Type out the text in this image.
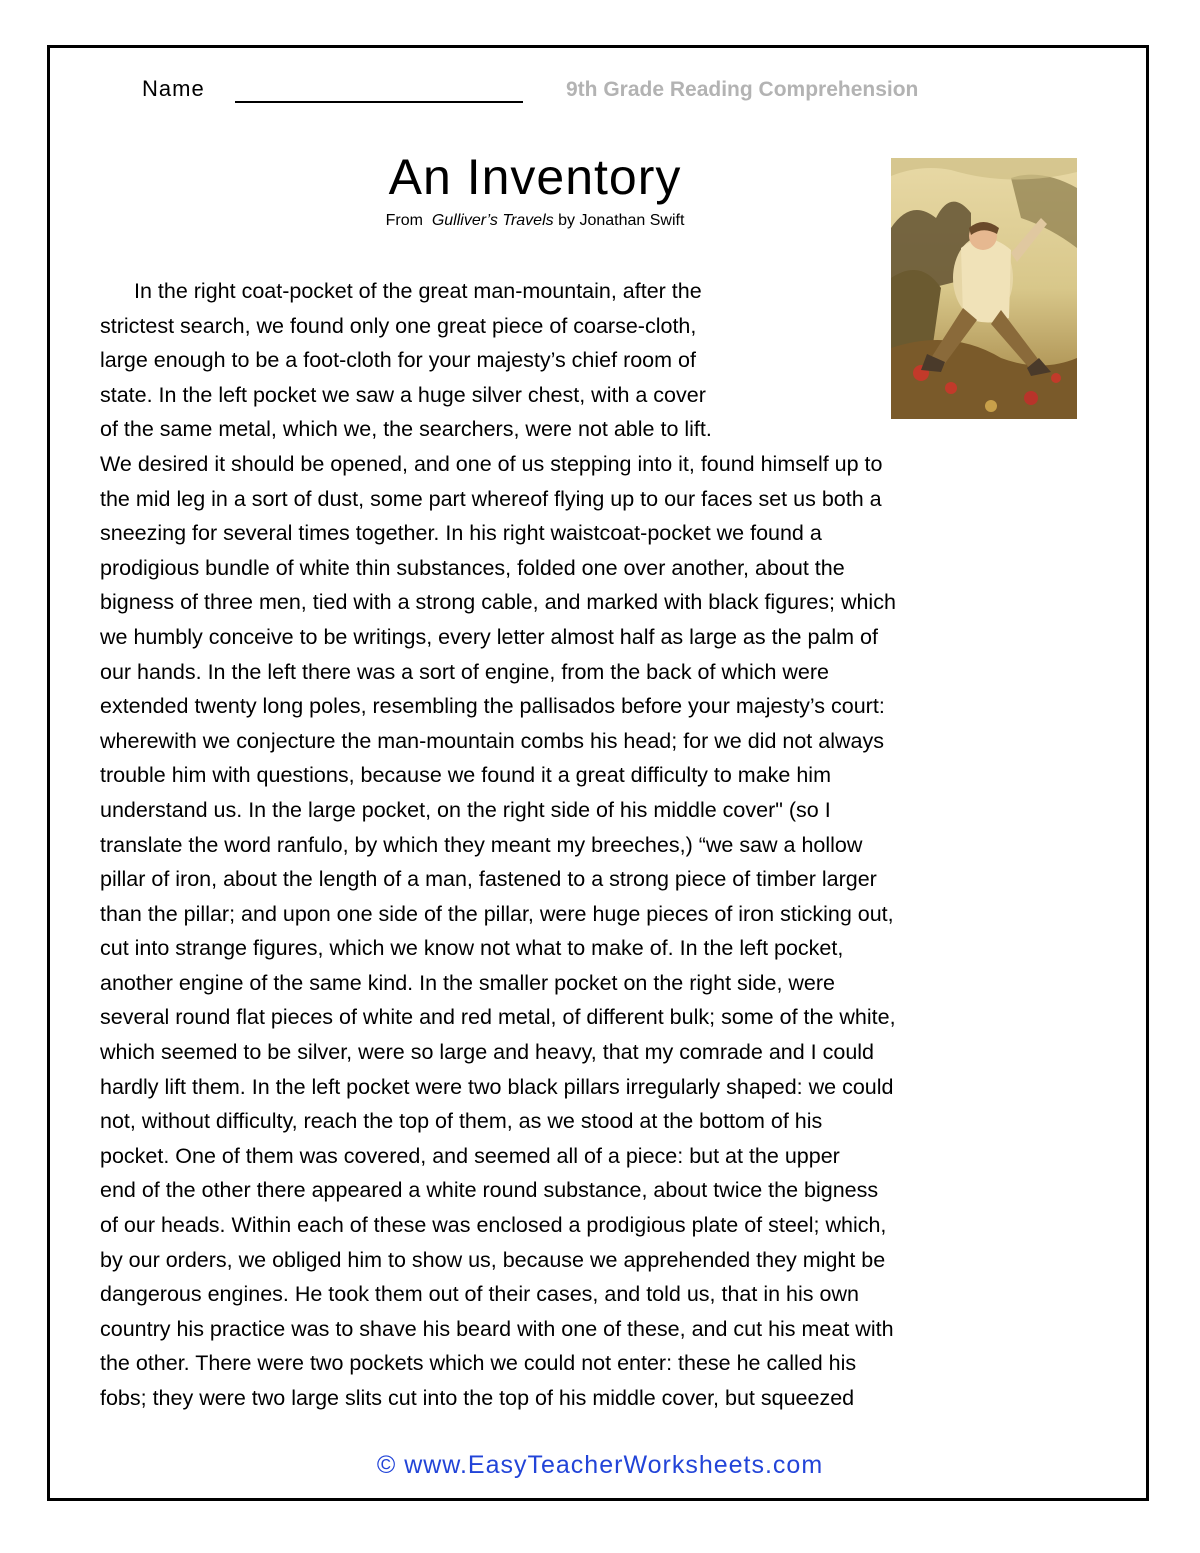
Name	9th Grade Reading Comprehension
An Inventory
From Gulliver’s Travels by Jonathan Swift
In the right coat-pocket of the great man-mountain, after the
strictest search, we found only one great piece of coarse-cloth,
large enough to be a foot-cloth for your majesty’s chief room of
state. In the left pocket we saw a huge silver chest, with a cover
of the same metal, which we, the searchers, were not able to lift.
We desired it should be opened, and one of us stepping into it, found himself up to
the mid leg in a sort of dust, some part whereof flying up to our faces set us both a
sneezing for several times together. In his right waistcoat-pocket we found a
prodigious bundle of white thin substances, folded one over another, about the
bigness of three men, tied with a strong cable, and marked with black figures; which
we humbly conceive to be writings, every letter almost half as large as the palm of
our hands. In the left there was a sort of engine, from the back of which were
extended twenty long poles, resembling the pallisados before your majesty’s court:
wherewith we conjecture the man-mountain combs his head; for we did not always
trouble him with questions, because we found it a great difficulty to make him
understand us. In the large pocket, on the right side of his middle cover" (so I
translate the word ranfulo, by which they meant my breeches,) “we saw a hollow
pillar of iron, about the length of a man, fastened to a strong piece of timber larger
than the pillar; and upon one side of the pillar, were huge pieces of iron sticking out,
cut into strange figures, which we know not what to make of. In the left pocket,
another engine of the same kind. In the smaller pocket on the right side, were
several round flat pieces of white and red metal, of different bulk; some of the white,
which seemed to be silver, were so large and heavy, that my comrade and I could
hardly lift them. In the left pocket were two black pillars irregularly shaped: we could
not, without difficulty, reach the top of them, as we stood at the bottom of his
pocket. One of them was covered, and seemed all of a piece: but at the upper
end of the other there appeared a white round substance, about twice the bigness
of our heads. Within each of these was enclosed a prodigious plate of steel; which,
by our orders, we obliged him to show us, because we apprehended they might be
dangerous engines. He took them out of their cases, and told us, that in his own
country his practice was to shave his beard with one of these, and cut his meat with
the other. There were two pockets which we could not enter: these he called his
fobs; they were two large slits cut into the top of his middle cover, but squeezed
© www.EasyTeacherWorksheets.com
